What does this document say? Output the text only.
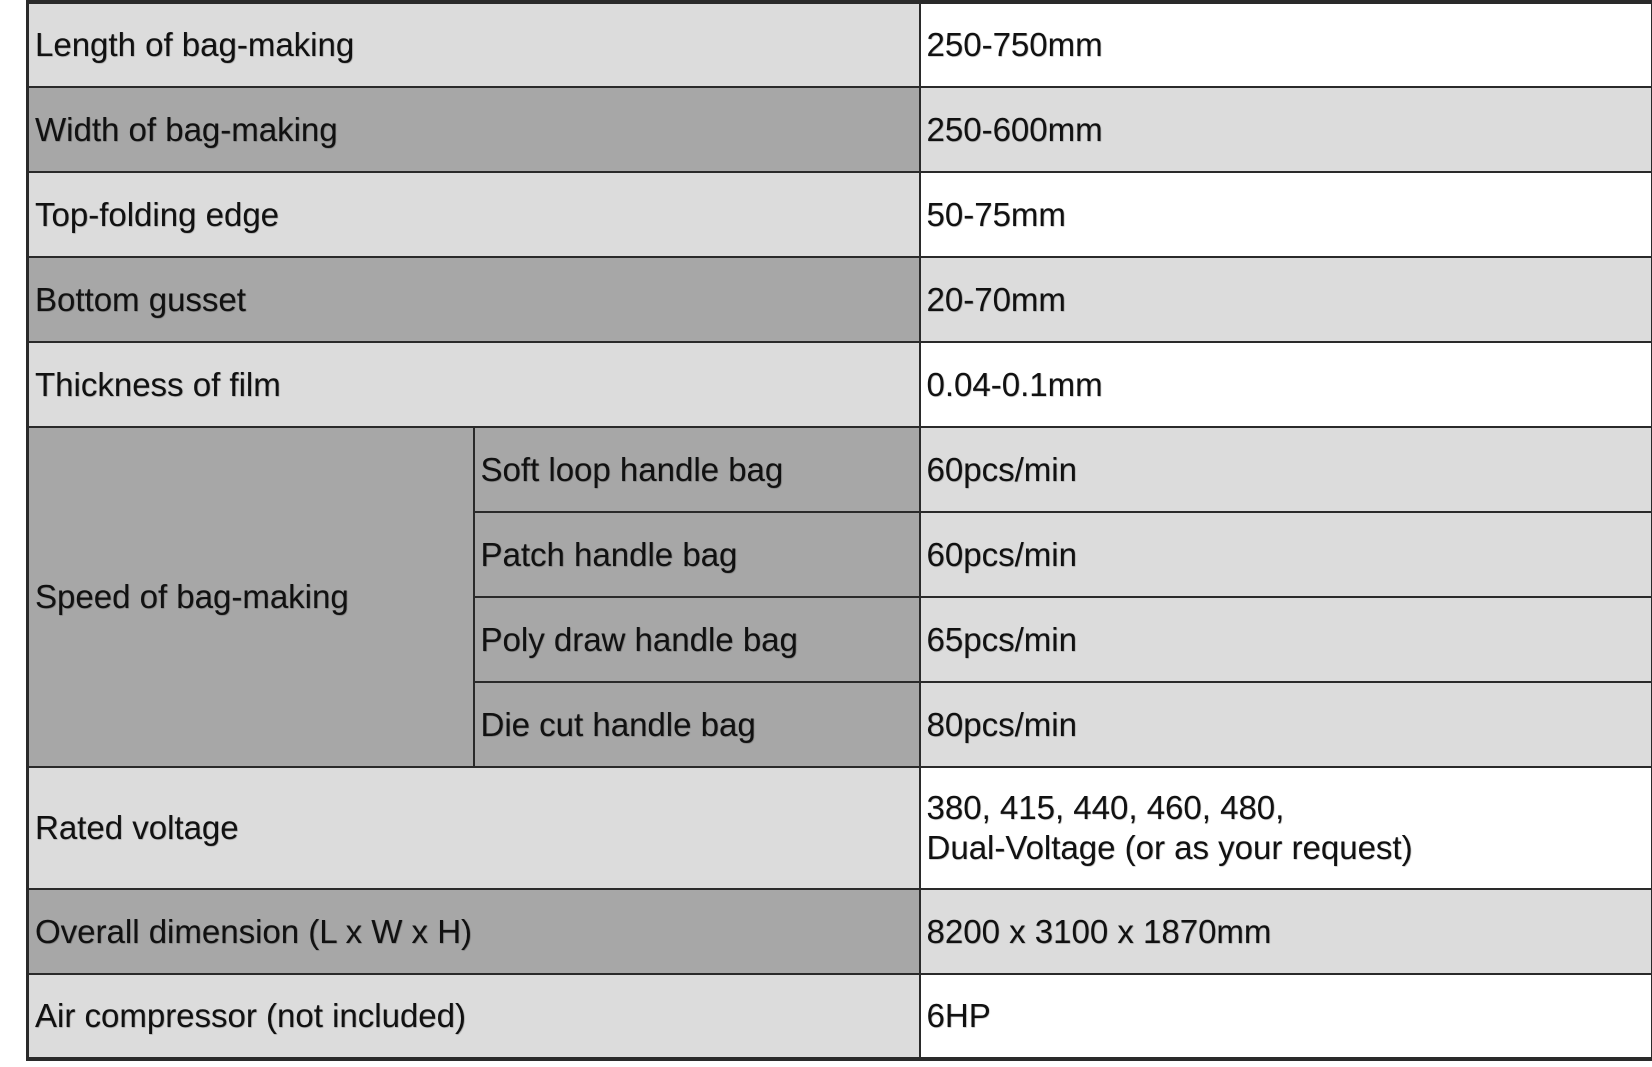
Length of bag-making		250-750mm
Width of bag-making		250-600mm
Top-folding edge		50-75mm
Bottom gusset		20-70mm
Thickness of film		0.04-0.1mm
Speed of bag-making	Soft loop handle bag	60pcs/min
	Patch handle bag	60pcs/min
	Poly draw handle bag	65pcs/min
	Die cut handle bag	80pcs/min
Rated voltage		380, 415, 440, 460, 480,
Dual-Voltage (or as your request)

Overall dimension (L x W x H)		8200 x 3100 x 1870mm
Air compressor (not included)		6HP
